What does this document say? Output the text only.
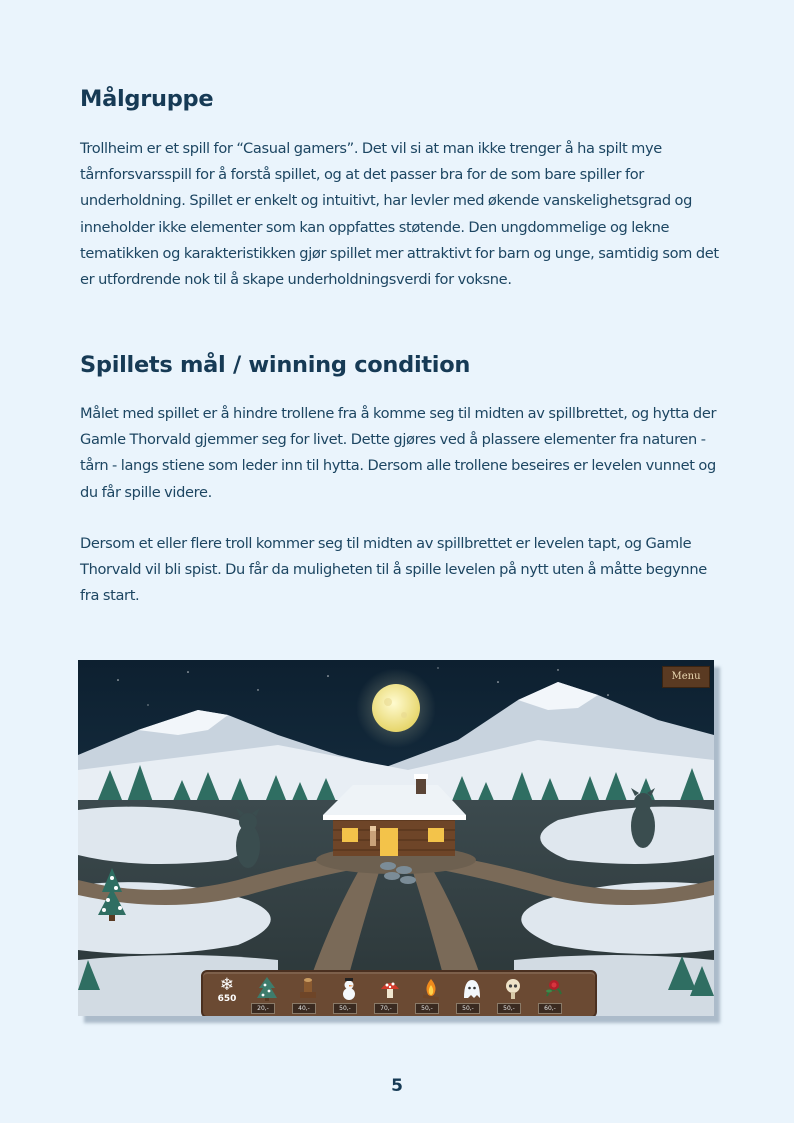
Målgruppe

Trollheim er et spill for “Casual gamers”. Det vil si at man ikke trenger å ha spilt mye tårnforsvarsspill for å forstå spillet, og at det passer bra for de som bare spiller for underholdning. Spillet er enkelt og intuitivt, har levler med økende vanskelighetsgrad og inneholder ikke elementer som kan oppfattes støtende. Den ungdommelige og lekne tematikken og karakteristikken gjør spillet mer attraktivt for barn og unge, samtidig som det er utfordrende nok til å skape underholdningsverdi for voksne.

Spillets mål / winning condition

Målet med spillet er å hindre trollene fra å komme seg til midten av spillbrettet, og hytta der Gamle Thorvald gjemmer seg for livet. Dette gjøres ved å plassere elementer fra naturen - tårn - langs stiene som leder inn til hytta. Dersom alle trollene beseires er levelen vunnet og du får spille videre.

Dersom et eller flere troll kommer seg til midten av spillbrettet er levelen tapt, og Gamle Thorvald vil bli spist. Du får da muligheten til å spille levelen på nytt uten å måtte begynne fra start.

Menu
❄
650
20,-	40,-	50,-	70,-	50,-	50,-	50,-	60,-
5
